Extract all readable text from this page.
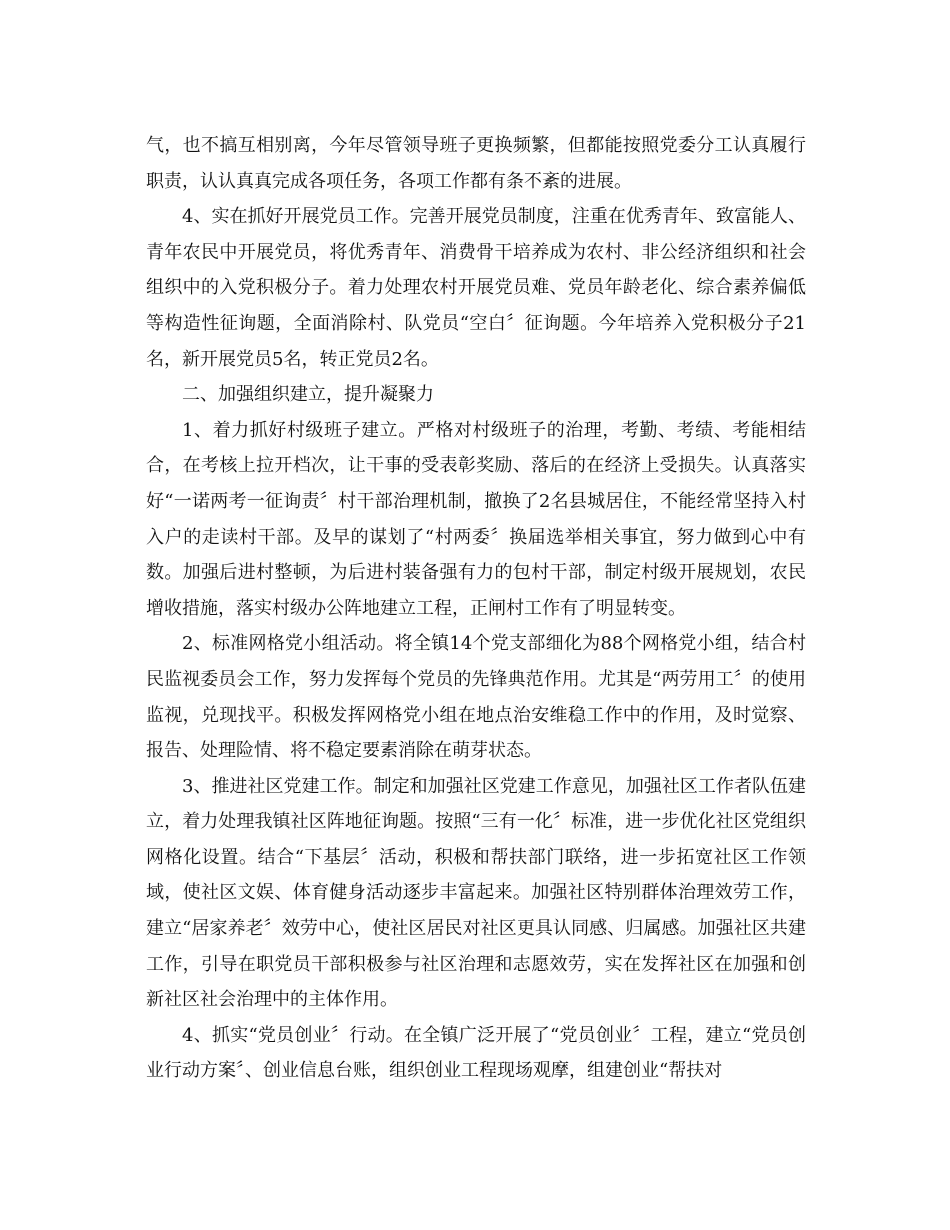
气，也不搞互相别离，今年尽管领导班子更换频繁，但都能按照党委分工认真履行职责，认认真真完成各项任务，各项工作都有条不紊的进展。

4、实在抓好开展党员工作。完善开展党员制度，注重在优秀青年、致富能人、青年农民中开展党员，将优秀青年、消费骨干培养成为农村、非公经济组织和社会组织中的入党积极分子。着力处理农村开展党员难、党员年龄老化、综合素养偏低等构造性征询题，全面消除村、队党员“空白〞征询题。今年培养入党积极分子21名，新开展党员5名，转正党员2名。

二、加强组织建立，提升凝聚力

1、着力抓好村级班子建立。严格对村级班子的治理，考勤、考绩、考能相结合，在考核上拉开档次，让干事的受表彰奖励、落后的在经济上受损失。认真落实好“一诺两考一征询责〞村干部治理机制，撤换了2名县城居住，不能经常坚持入村入户的走读村干部。及早的谋划了“村两委〞换届选举相关事宜，努力做到心中有数。加强后进村整顿，为后进村装备强有力的包村干部，制定村级开展规划，农民增收措施，落实村级办公阵地建立工程，正闸村工作有了明显转变。

2、标准网格党小组活动。将全镇14个党支部细化为88个网格党小组，结合村民监视委员会工作，努力发挥每个党员的先锋典范作用。尤其是“两劳用工〞的使用监视，兑现找平。积极发挥网格党小组在地点治安维稳工作中的作用，及时觉察、报告、处理险情、将不稳定要素消除在萌芽状态。

3、推进社区党建工作。制定和加强社区党建工作意见，加强社区工作者队伍建立，着力处理我镇社区阵地征询题。按照“三有一化〞标准，进一步优化社区党组织网格化设置。结合“下基层〞活动，积极和帮扶部门联络，进一步拓宽社区工作领域，使社区文娱、体育健身活动逐步丰富起来。加强社区特别群体治理效劳工作，建立“居家养老〞效劳中心，使社区居民对社区更具认同感、归属感。加强社区共建工作，引导在职党员干部积极参与社区治理和志愿效劳，实在发挥社区在加强和创新社区社会治理中的主体作用。

4、抓实“党员创业〞行动。在全镇广泛开展了“党员创业〞工程，建立“党员创业行动方案〞、创业信息台账，组织创业工程现场观摩，组建创业“帮扶对
